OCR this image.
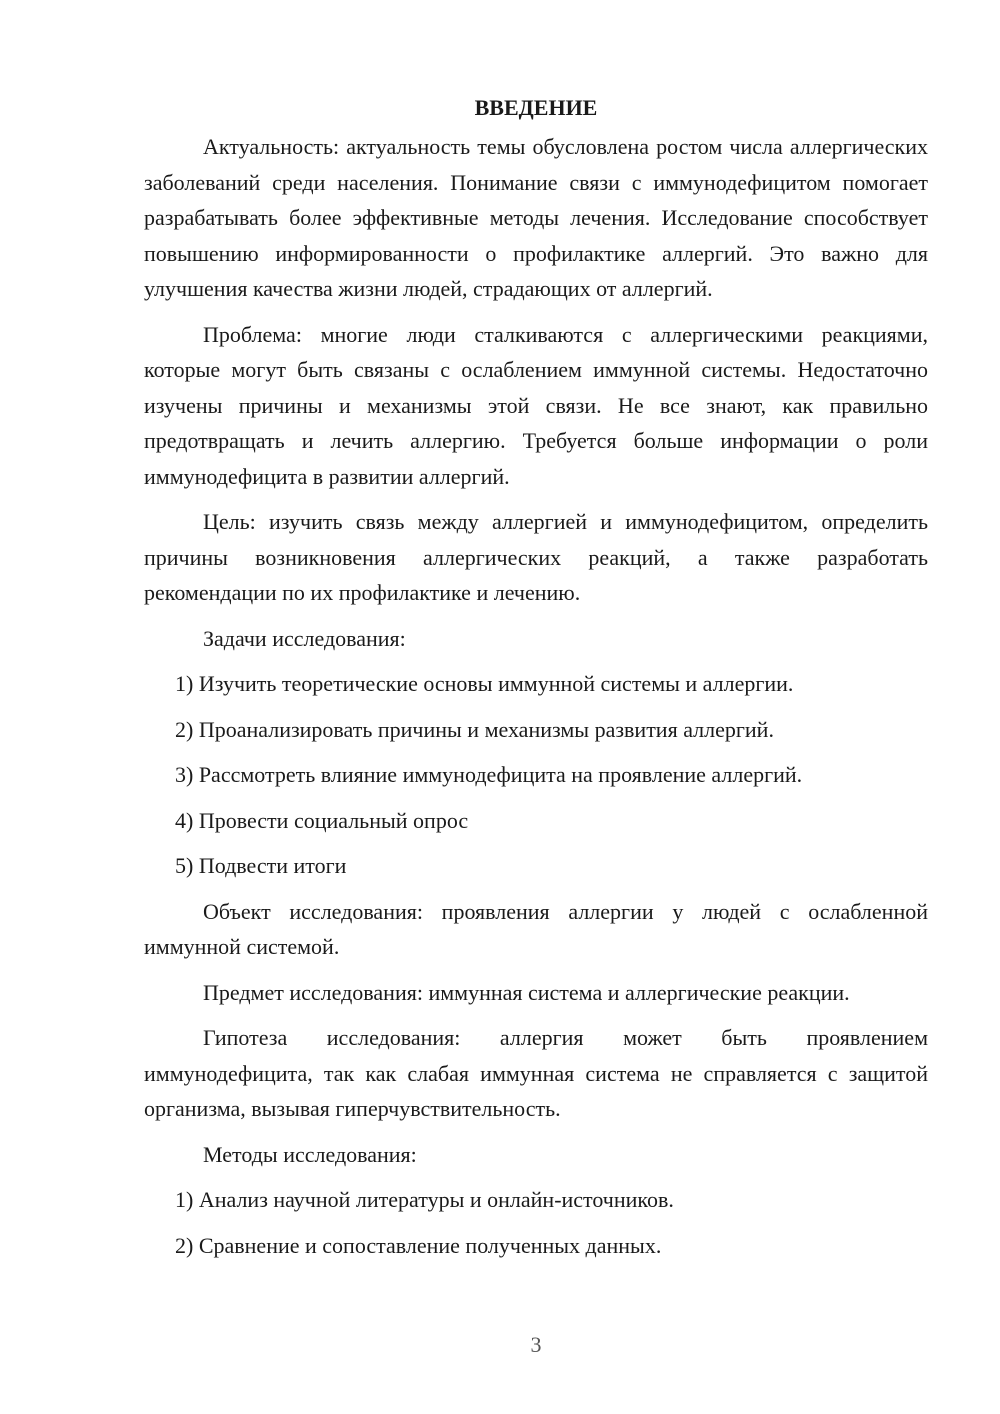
ВВЕДЕНИЕ

Актуальность: актуальность темы обусловлена ростом числа аллергических заболеваний среди населения. Понимание связи с иммунодефицитом помогает разрабатывать более эффективные методы лечения. Исследование способствует повышению информированности о профилактике аллергий. Это важно для улучшения качества жизни людей, страдающих от аллергий.

Проблема: многие люди сталкиваются с аллергическими реакциями, которые могут быть связаны с ослаблением иммунной системы. Недостаточно изучены причины и механизмы этой связи. Не все знают, как правильно предотвращать и лечить аллергию. Требуется больше информации о роли иммунодефицита в развитии аллергий.

Цель: изучить связь между аллергией и иммунодефицитом, определить причины возникновения аллергических реакций, а также разработать рекомендации по их профилактике и лечению.

Задачи исследования:

1) Изучить теоретические основы иммунной системы и аллергии.

2) Проанализировать причины и механизмы развития аллергий.

3) Рассмотреть влияние иммунодефицита на проявление аллергий.

4) Провести социальный опрос

5) Подвести итоги

Объект исследования: проявления аллергии у людей с ослабленной иммунной системой.

Предмет исследования: иммунная система и аллергические реакции.

Гипотеза исследования: аллергия может быть проявлением иммунодефицита, так как слабая иммунная система не справляется с защитой организма, вызывая гиперчувствительность.

Методы исследования:

1) Анализ научной литературы и онлайн-источников.

2) Сравнение и сопоставление полученных данных.

3
